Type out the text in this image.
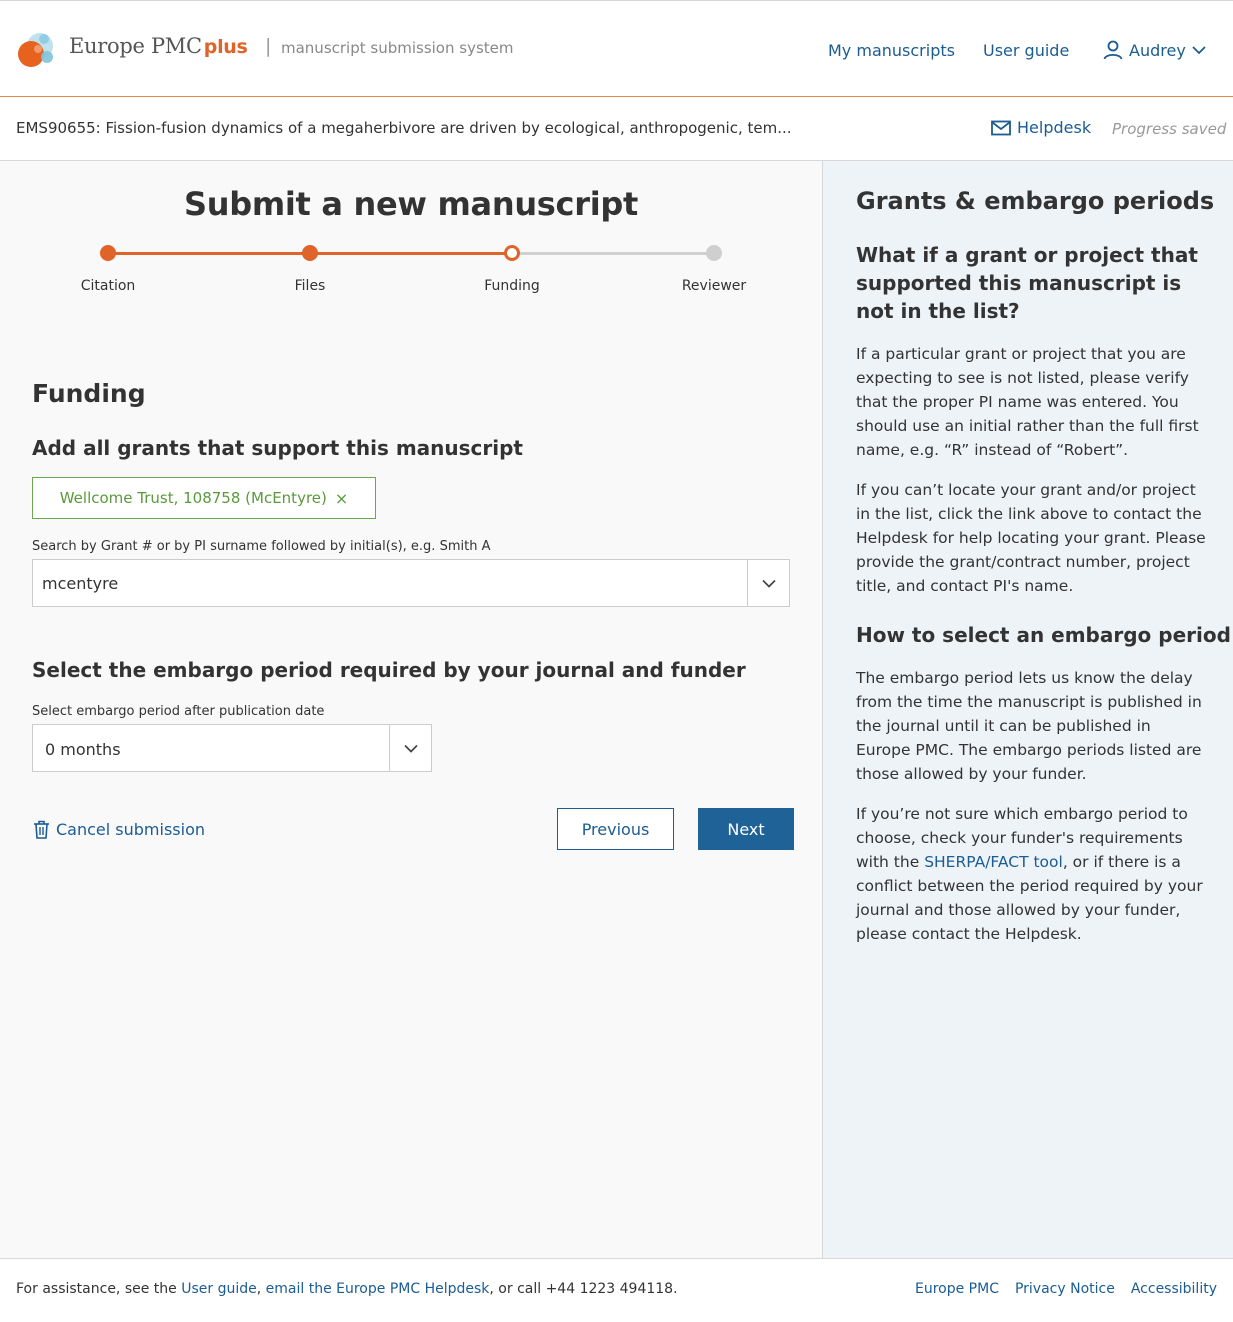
Europe PMC plus | manuscript submission system	My manuscripts User guide	Audrey
EMS90655: Fission-fusion dynamics of a megaherbivore are driven by ecological, anthropogenic, tem...	Helpdesk Progress saved
Submit a new manuscript
Citation	Files	Funding	Reviewer
Funding
Add all grants that support this manuscript
Wellcome Trust, 108758 (McEntyre) ×
Search by Grant # or by PI surname followed by initial(s), e.g. Smith A
mcentyre
Select the embargo period required by your journal and funder
Select embargo period after publication date
0 months
Cancel submission	Previous	Next
Grants & embargo periods
What if a grant or project that supported this manuscript is not in the list?

If a particular grant or project that you are expecting to see is not listed, please verify that the proper PI name was entered. You should use an initial rather than the full first name, e.g. “R” instead of “Robert”.

If you can’t locate your grant and/or project in the list, click the link above to contact the Helpdesk for help locating your grant. Please provide the grant/contract number, project title, and contact PI's name.

How to select an embargo period

The embargo period lets us know the delay from the time the manuscript is published in the journal until it can be published in Europe PMC. The embargo periods listed are those allowed by your funder.

If you’re not sure which embargo period to choose, check your funder's requirements with the SHERPA/FACT tool, or if there is a conflict between the period required by your journal and those allowed by your funder, please contact the Helpdesk.

For assistance, see the User guide, email the Europe PMC Helpdesk, or call +44 1223 494118.	Europe PMC Privacy Notice Accessibility
